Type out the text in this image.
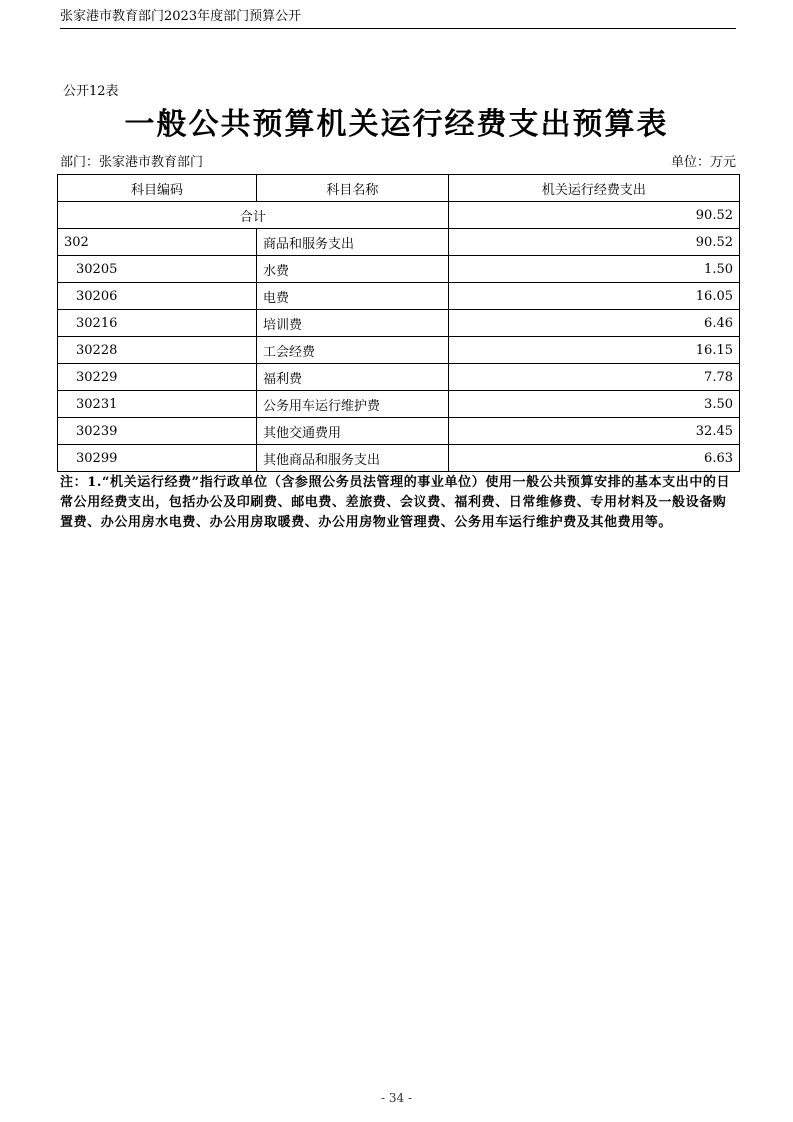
张家港市教育部门2023年度部门预算公开
公开12表
一般公共预算机关运行经费支出预算表
部门：张家港市教育部门	单位：万元
科目编码	科目名称	机关运行经费支出
合计		90.52
302	商品和服务支出	90.52
30205	水费	1.50
30206	电费	16.05
30216	培训费	6.46
30228	工会经费	16.15
30229	福利费	7.78
30231	公务用车运行维护费	3.50
30239	其他交通费用	32.45
30299	其他商品和服务支出	6.63
注：1.“机关运行经费”指行政单位（含参照公务员法管理的事业单位）使用一般公共预算安排的基本支出中的日常公用经费支出，包括办公及印刷费、邮电费、差旅费、会议费、福利费、日常维修费、专用材料及一般设备购置费、办公用房水电费、办公用房取暖费、办公用房物业管理费、公务用车运行维护费及其他费用等。
- 34 -
